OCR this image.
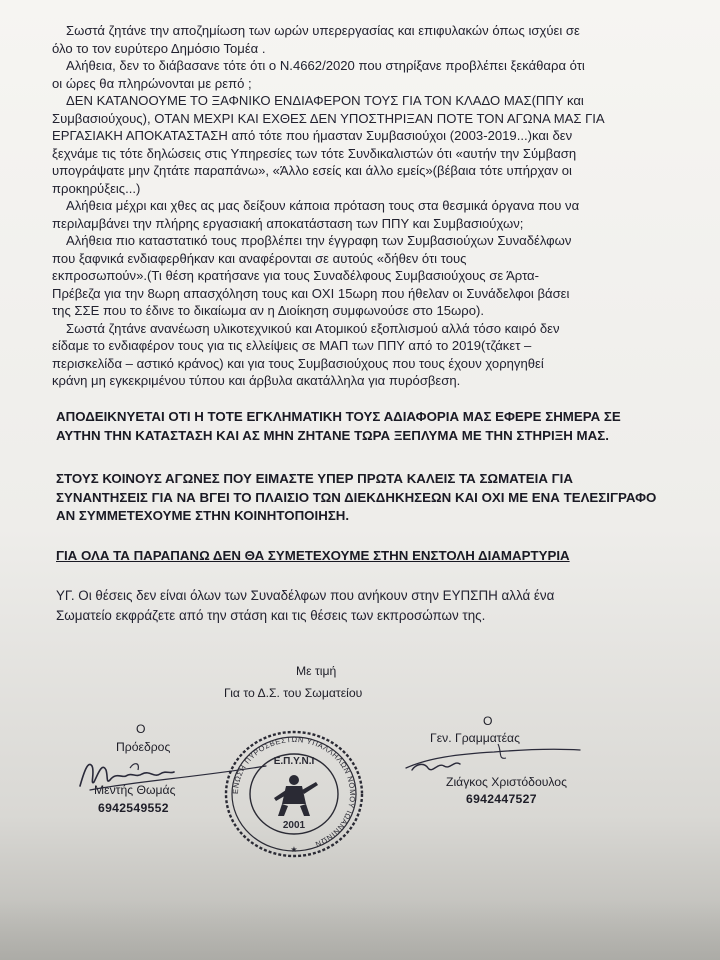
Σωστά ζητάνε την αποζημίωση των ωρών υπερεργασίας και επιφυλακών όπως ισχύει σε

όλο το τον ευρύτερο Δημόσιο Τομέα .

Αλήθεια, δεν το διάβασανε τότε ότι ο Ν.4662/2020 που στηρίξανε προβλέπει ξεκάθαρα ότι

οι ώρες θα πληρώνονται με ρεπό ;

ΔΕΝ ΚΑΤΑΝΟΟΥΜΕ ΤΟ ΞΑΦΝΙΚΟ ΕΝΔΙΑΦΕΡΟΝ ΤΟΥΣ ΓΙΑ ΤΟΝ ΚΛΑΔΟ ΜΑΣ(ΠΠΥ και

Συμβασιούχους), ΟΤΑΝ ΜΕΧΡΙ ΚΑΙ ΕΧΘΕΣ ΔΕΝ ΥΠΟΣΤΗΡΙΞΑΝ ΠΟΤΕ ΤΟΝ ΑΓΩΝΑ ΜΑΣ ΓΙΑ

ΕΡΓΑΣΙΑΚΗ ΑΠΟΚΑΤΑΣΤΑΣΗ από τότε που ήμασταν Συμβασιούχοι (2003-2019...)και δεν

ξεχνάμε τις τότε δηλώσεις στις Υπηρεσίες των τότε Συνδικαλιστών ότι «αυτήν την Σύμβαση

υπογράψατε μην ζητάτε παραπάνω», «Άλλο εσείς και άλλο εμείς»(βέβαια τότε υπήρχαν οι

προκηρύξεις...)

Αλήθεια μέχρι και χθες ας μας δείξουν κάποια πρόταση τους στα θεσμικά όργανα που να

περιλαμβάνει την πλήρης εργασιακή αποκατάσταση των ΠΠΥ και Συμβασιούχων;

Αλήθεια πιο καταστατικό τους προβλέπει την έγγραφη των Συμβασιούχων Συναδέλφων

που ξαφνικά ενδιαφερθήκαν και αναφέρονται σε αυτούς «δήθεν ότι τους

εκπροσωπούν».(Τι θέση κρατήσανε για τους Συναδέλφους Συμβασιούχους σε Άρτα-

Πρέβεζα για την 8ωρη απασχόληση τους και ΟΧΙ 15ωρη που ήθελαν οι Συνάδελφοι βάσει

της ΣΣΕ που το έδινε το δικαίωμα αν η Διοίκηση συμφωνούσε στο 15ωρο).

Σωστά ζητάνε ανανέωση υλικοτεχνικού και Ατομικού εξοπλισμού αλλά τόσο καιρό δεν

είδαμε το ενδιαφέρον τους για τις ελλείψεις σε ΜΑΠ των ΠΠΥ από το 2019(τζάκετ –

περισκελίδα – αστικό κράνος) και για τους Συμβασιούχους που τους έχουν χορηγηθεί

κράνη μη εγκεκριμένου τύπου και άρβυλα ακατάλληλα για πυρόσβεση.

ΑΠΟΔΕΙΚΝΥΕΤΑΙ ΟΤΙ Η ΤΟΤΕ ΕΓΚΛΗΜΑΤΙΚΗ ΤΟΥΣ ΑΔΙΑΦΟΡΙΑ ΜΑΣ ΕΦΕΡΕ ΣΗΜΕΡΑ ΣΕ

ΑΥΤΗΝ ΤΗΝ ΚΑΤΑΣΤΑΣΗ ΚΑΙ ΑΣ ΜΗΝ ΖΗΤΑΝΕ ΤΩΡΑ ΞΕΠΛΥΜΑ ΜΕ ΤΗΝ ΣΤΗΡΙΞΗ ΜΑΣ.

ΣΤΟΥΣ ΚΟΙΝΟΥΣ ΑΓΩΝΕΣ ΠΟΥ ΕΙΜΑΣΤΕ ΥΠΕΡ ΠΡΩΤΑ ΚΑΛΕΙΣ ΤΑ ΣΩΜΑΤΕΙΑ ΓΙΑ

ΣΥΝΑΝΤΗΣΕΙΣ ΓΙΑ ΝΑ ΒΓΕΙ ΤΟ ΠΛΑΙΣΙΟ ΤΩΝ ΔΙΕΚΔΗΚΗΣΕΩΝ ΚΑΙ ΟΧΙ ΜΕ ΕΝΑ ΤΕΛΕΣΙΓΡΑΦΟ

ΑΝ ΣΥΜΜΕΤΕΧΟΥΜΕ ΣΤΗΝ ΚΟΙΝΗΤΟΠΟΙΗΣΗ.

ΓΙΑ ΟΛΑ ΤΑ ΠΑΡΑΠΑΝΩ ΔΕΝ ΘΑ ΣΥΜΕΤΕΧΟΥΜΕ ΣΤΗΝ ΕΝΣΤΟΛΗ ΔΙΑΜΑΡΤΥΡΙΑ

ΥΓ. Οι θέσεις δεν είναι όλων των Συναδέλφων που ανήκουν στην ΕΥΠΣΠΗ αλλά ένα

Σωματείο εκφράζετε από την στάση και τις θέσεις των εκπροσώπων της.

Με τιμή
Για το Δ.Σ. του Σωματείου
Ο
Πρόεδρος
Μεντής Θωμάς
6942549552
Ο
Γεν. Γραμματέας
Ζιάγκος Χριστόδουλος
6942447527
ΕΝΩΣΗ ΠΥΡΟΣΒΕΣΤΩΝ ΥΠΑΛΛΗΛΩΝ ΝΟΜΟΥ ΙΩΑΝΝΙΝΩΝ
Ε.Π.Υ.Ν.Ι
2001
★
